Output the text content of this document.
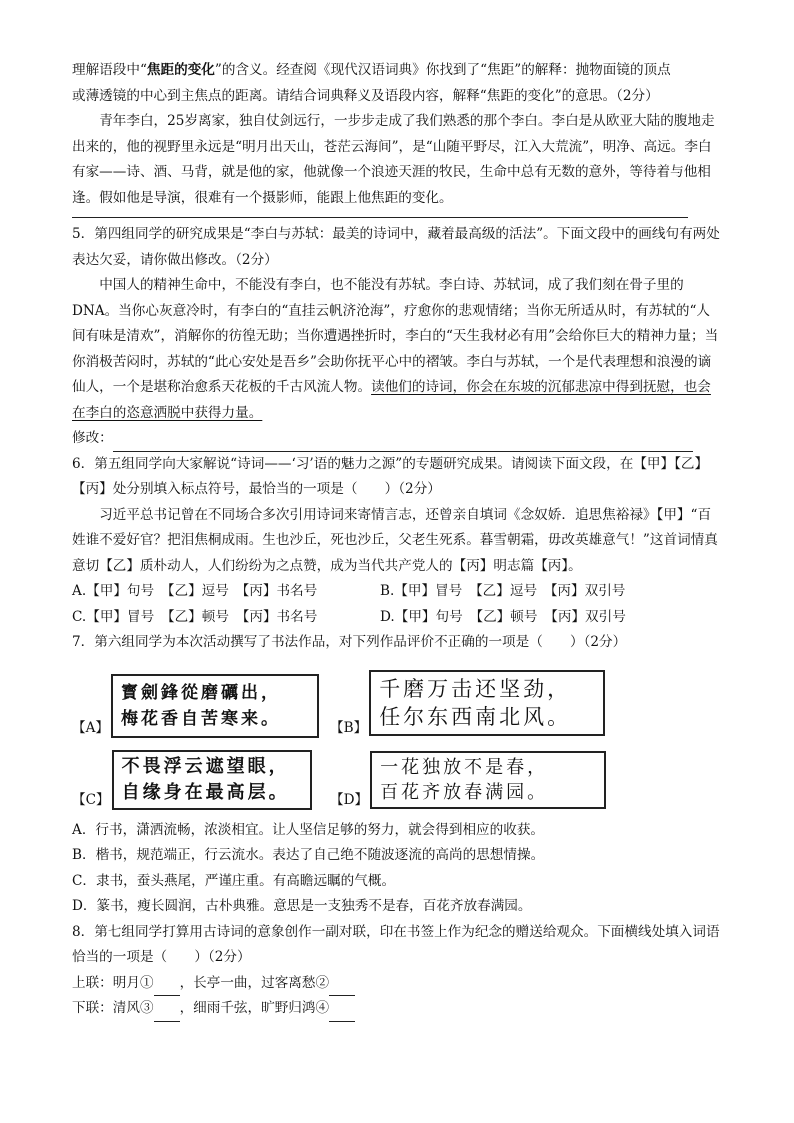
理解语段中“焦距的变化”的含义。经查阅《现代汉语词典》你找到了“焦距”的解释：抛物面镜的顶点

或薄透镜的中心到主焦点的距离。请结合词典释义及语段内容，解释“焦距的变化”的意思。（2分）

青年李白，25岁离家，独自仗剑远行，一步步走成了我们熟悉的那个李白。李白是从欧亚大陆的腹地走出来的，他的视野里永远是“明月出天山，苍茫云海间”，是“山随平野尽，江入大荒流”，明净、高远。李白有家——诗、酒、马背，就是他的家，他就像一个浪迹天涯的牧民，生命中总有无数的意外，等待着与他相逢。假如他是导演，很难有一个摄影师，能跟上他焦距的变化。

5．第四组同学的研究成果是“李白与苏轼：最美的诗词中，藏着最高级的活法”。下面文段中的画线句有两处表达欠妥，请你做出修改。（2分）

中国人的精神生命中，不能没有李白，也不能没有苏轼。李白诗、苏轼词，成了我们刻在骨子里的DNA。当你心灰意冷时，有李白的“直挂云帆济沧海”，疗愈你的悲观情绪；当你无所适从时，有苏轼的“人间有味是清欢”，消解你的彷徨无助；当你遭遇挫折时，李白的“天生我材必有用”会给你巨大的精神力量；当你消极苦闷时，苏轼的“此心安处是吾乡”会助你抚平心中的褶皱。李白与苏轼，一个是代表理想和浪漫的谪仙人，一个是堪称治愈系天花板的千古风流人物。读他们的诗词，你会在东坡的沉郁悲凉中得到抚慰，也会在李白的恣意洒脱中获得力量。

修改：

6．第五组同学向大家解说“诗词——‘习’语的魅力之源”的专题研究成果。请阅读下面文段，在【甲】【乙】【丙】处分别填入标点符号，最恰当的一项是（　　）（2分）

习近平总书记曾在不同场合多次引用诗词来寄情言志，还曾亲自填词《念奴娇．追思焦裕禄》【甲】“百姓谁不爱好官？把泪焦桐成雨。生也沙丘，死也沙丘，父老生死系。暮雪朝霜，毋改英雄意气！”这首词情真意切【乙】质朴动人，人们纷纷为之点赞，成为当代共产党人的【丙】明志篇【丙】。

A.【甲】句号　【乙】逗号　【丙】书名号	B.【甲】冒号　【乙】逗号　【丙】双引号
C.【甲】冒号　【乙】顿号　【丙】书名号	D.【甲】句号　【乙】顿号　【丙】双引号

7．第六组同学为本次活动撰写了书法作品，对下列作品评价不正确的一项是（　　）（2分）

【A】
寳劍鋒從磨礪出，
梅花香自苦寒来。	【B】
千磨万击还坚劲，
任尔东西南北风。
【C】
不畏浮云遮望眼，
自缘身在最高层。	【D】
一花独放不是春，
百花齐放春满园。

A．行书，潇洒流畅，浓淡相宜。让人坚信足够的努力，就会得到相应的收获。

B．楷书，规范端正，行云流水。表达了自己绝不随波逐流的高尚的思想情操。

C．隶书，蚕头燕尾，严谨庄重。有高瞻远瞩的气概。

D．篆书，瘦长圆润，古朴典雅。意思是一支独秀不是春，百花齐放春满园。

8．第七组同学打算用古诗词的意象创作一副对联，印在书签上作为纪念的赠送给观众。下面横线处填入词语恰当的一项是（　　）（2分）

上联：明月① ，长亭一曲，过客离愁②

下联：清风③ ，细雨千弦，旷野归鸿④
